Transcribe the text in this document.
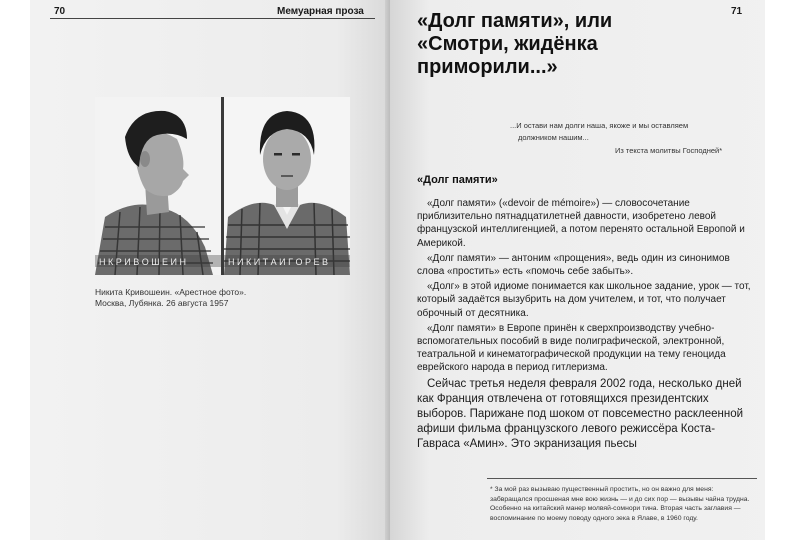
70	Мемуарная проза
Н К Р И В О Ш Е И Н	Н И К И Т А И Г О Р Е В
Никита Кривошеин. «Арестное фото».
Москва, Лубянка. 26 августа 1957
«Долг памяти», или
«Смотри, жидёнка
приморили...»
71
...И остави нам долги наша, якоже и мы оставляем
должником нашим...
Из текста молитвы Господней*
«Долг памяти»

«Долг памяти» («devoir de mémoire») — словосочетание приблизительно пятнадцатилетней давности, изобретено левой французской интеллигенцией, а потом перенято остальной Европой и Америкой.

«Долг памяти» — антоним «прощения», ведь один из синонимов слова «простить» есть «помочь себе забыть».

«Долг» в этой идиоме понимается как школьное задание, урок — тот, который задаётся вызубрить на дом учителем, и тот, что получает оброчный от десятника.

«Долг памяти» в Европе принён к сверхпроизводству учебно-вспомогательных пособий в виде полиграфической, электронной, театральной и кинематографической продукции на тему геноцида еврейского народа в период гитлеризма.

Сейчас третья неделя февраля 2002 года, несколько дней как Франция отвлечена от готовящихся президентских выборов. Парижане под шоком от повсеместно расклеенной афиши фильма французского левого режиссёра Коста-Гавраса «Амин». Это экранизация пьесы

* За мой раз вызываю пущественный простить, но он важно для меня: забвращался просшеная мне вою жизнь — и до сих пор — вызывы чайна трудна. Особенно на китайский манер молвяй-сомнори тина. Вторая часть заглавия — воспоминание по моему поводу одного зека в Ялаве, в 1960 году.
